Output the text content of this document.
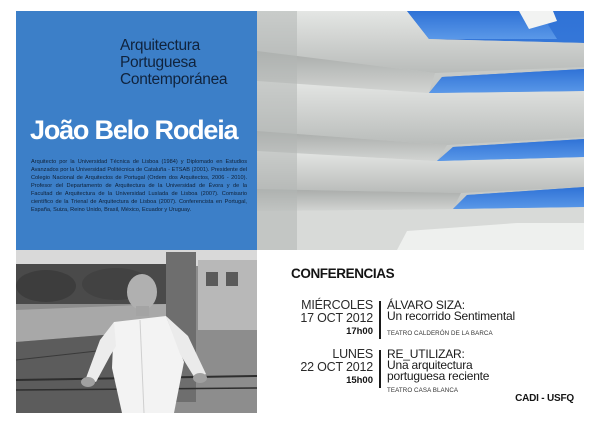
Arquitectura
Portuguesa
Contemporánea
João Belo Rodeia
Arquitecto por la Universidad Técnica de Lisboa (1984) y Diplomado en Estudios Avanzados por la Universidad Politécnica de Cataluña - ETSAB (2001). Presidente del Colegio Nacional de Arquitectos de Portugal (Ordem dos Arquitectos, 2006 - 2010). Profesor del Departamento de Arquitectura de la Universidad de Évora y de la Facultad de Arquitectura de la Universidad Lusíada de Lisboa (2007). Comisario científico de la Trienal de Arquitectura de Lisboa (2007). Conferencista en Portugal, España, Suiza, Reino Unido, Brasil, México, Ecuador y Uruguay.
CONFERENCIAS
MIÉRCOLES
17 OCT 2012
17h00
ÁLVARO SIZA:
Un recorrido Sentimental
TEATRO CALDERÓN DE LA BARCA
LUNES
22 OCT 2012
15h00
RE_UTILIZAR:
Una arquitectura portuguesa reciente
TEATRO CASA BLANCA
CADI - USFQ
